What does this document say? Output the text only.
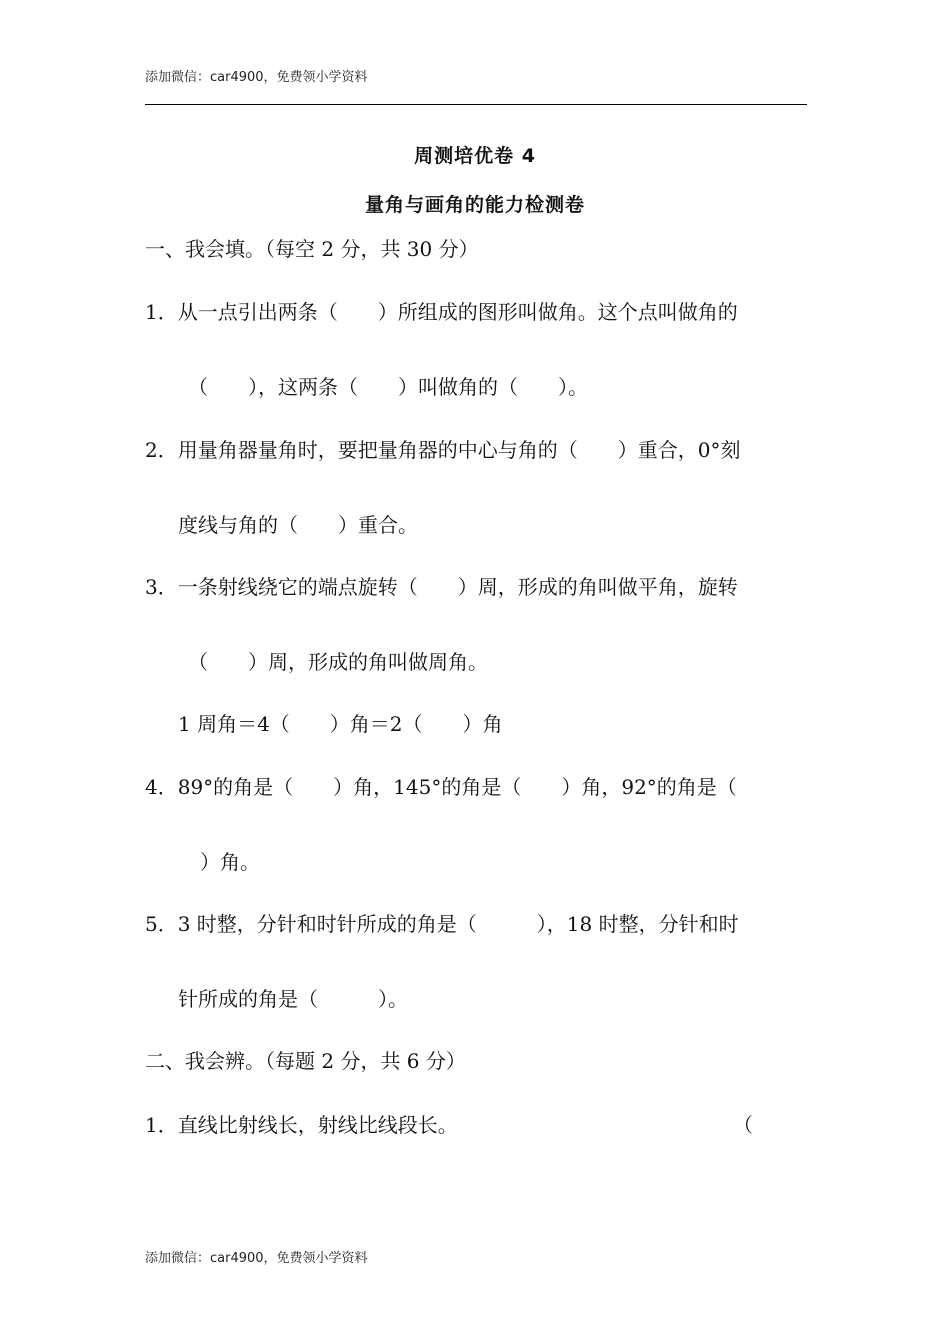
添加微信：car4900，免费领小学资料
周测培优卷 4
量角与画角的能力检测卷
一、我会填。（每空 2 分，共 30 分）
1．从一点引出两条（　　）所组成的图形叫做角。这个点叫做角的
（　　），这两条（　　）叫做角的（　　）。
2．用量角器量角时，要把量角器的中心与角的（　　）重合，0°刻
度线与角的（　　）重合。
3．一条射线绕它的端点旋转（　　）周，形成的角叫做平角，旋转
（　　）周，形成的角叫做周角。
1 周角＝4（　　）角＝2（　　）角
4．89°的角是（　　）角，145°的角是（　　）角，92°的角是（
）角。
5．3 时整，分针和时针所成的角是（　　　），18 时整，分针和时
针所成的角是（　　　）。
二、我会辨。（每题 2 分，共 6 分）
1．直线比射线长，射线比线段长。	（
添加微信：car4900，免费领小学资料
